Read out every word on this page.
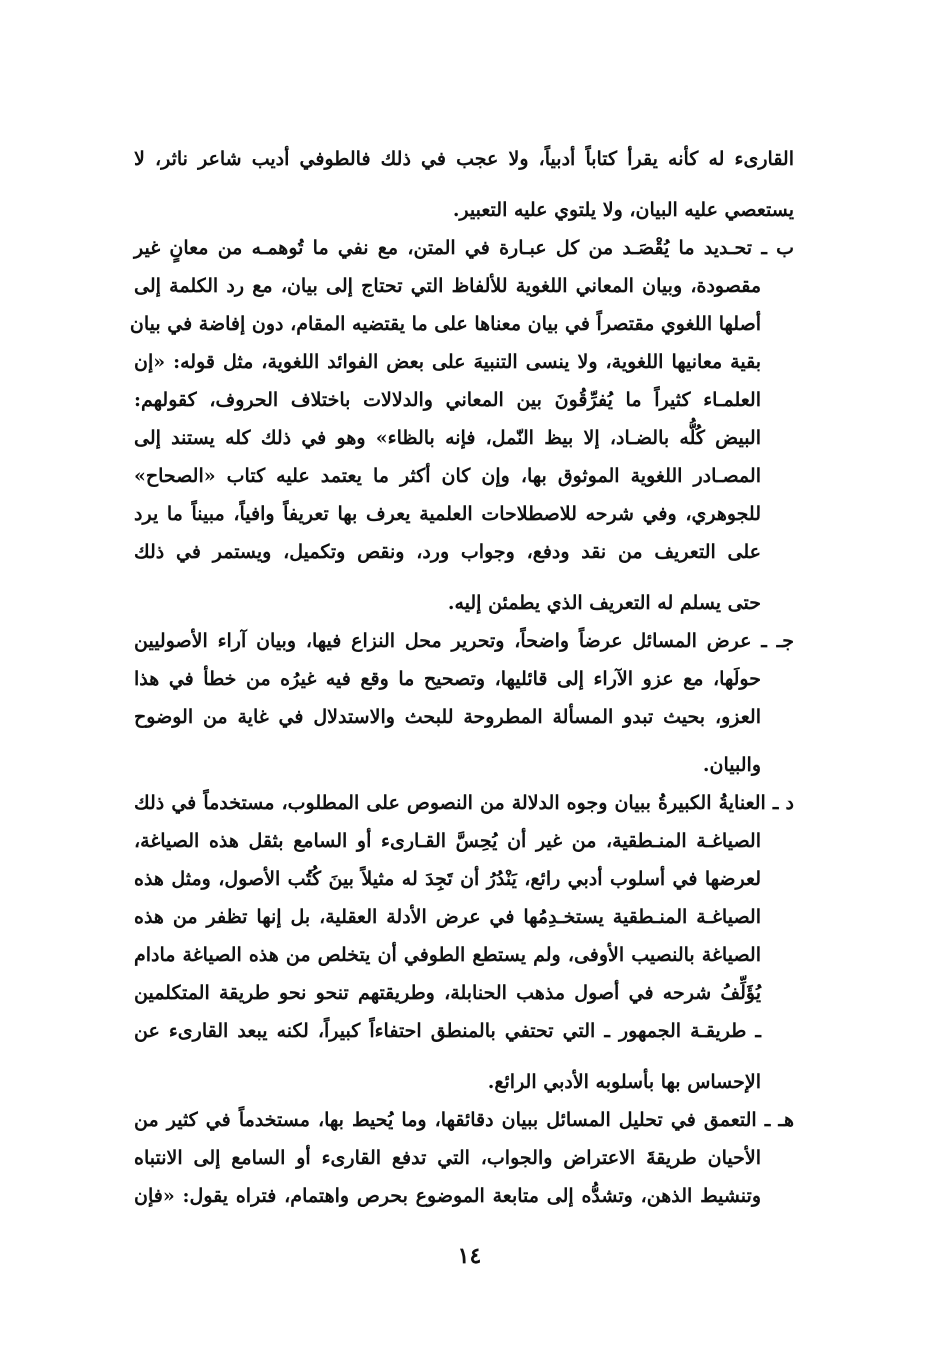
القارىء له كأنه يقرأ كتاباً أدبياً، ولا عجب في ذلك فالطوفي أديب شاعر ناثر، لا
يستعصي عليه البيان، ولا يلتوي عليه التعبير.
ب ـ تحـديد ما يُقْصَـد من كل عبـارة في المتن، مع نفي ما تُوهمـه من معانٍ غير
مقصودة، وبيان المعاني اللغوية للألفاظ التي تحتاج إلى بيان، مع رد الكلمة إلى
أصلها اللغوي مقتصراً في بيان معناها على ما يقتضيه المقام، دون إفاضة في بيان
بقية معانيها اللغوية، ولا ينسى التنبيهَ على بعض الفوائد اللغوية، مثل قوله: «إن
العلمـاء كثيراً ما يُفرِّقُونَ بين المعاني والدلالات باختلاف الحروف، كقولهم:
البيض كُلُّه بالضـاد، إلا بيظ النّمل، فإنه بالظاء» وهو في ذلك كله يستند إلى
المصـادر اللغوية الموثوق بها، وإن كان أكثر ما يعتمد عليه كتاب «الصحاح»
للجوهري، وفي شرحه للاصطلاحات العلمية يعرف بها تعريفاً وافياً، مبيناً ما يرد
على التعريف من نقد ودفع، وجواب ورد، ونقص وتكميل، ويستمر في ذلك
حتى يسلم له التعريف الذي يطمئن إليه.
جـ ـ عرض المسائل عرضاً واضحاً، وتحرير محل النزاع فيها، وبيان آراء الأصوليين
حولَها، مع عزو الآراء إلى قائليها، وتصحيح ما وقع فيه غيرُه من خطأ في هذا
العزو، بحيث تبدو المسألة المطروحة للبحث والاستدلال في غاية من الوضوح
والبيان.
د ـ العنايةُ الكبيرةُ ببيان وجوه الدلالة من النصوص على المطلوب، مستخدماً في ذلك
الصياغـة المنـطقية، من غير أن يُحِسَّ القـارىء أو السامع بثقل هذه الصياغة،
لعرضها في أسلوب أدبي رائع، يَنْدُرُ أن تَجِدَ له مثيلاً بينَ كُتُب الأصول، ومثل هذه
الصياغـة المنـطقية يستخـدِمُها في عرض الأدلة العقلية، بل إنها تظفر من هذه
الصياغة بالنصيب الأوفى، ولم يستطع الطوفي أن يتخلص من هذه الصياغة مادام
يُؤَلِّفُ شرحه في أصول مذهب الحنابلة، وطريقتهم تنحو نحو طريقة المتكلمين
ـ طريقـة الجمهور ـ التي تحتفي بالمنطق احتفاءاً كبيراً، لكنه يبعد القارىء عن
الإحساس بها بأسلوبه الأدبي الرائع.
هـ ـ التعمق في تحليل المسائل ببيان دقائقها، وما يُحيط بها، مستخدماً في كثير من
الأحيان طريقةَ الاعتراض والجواب، التي تدفع القارىء أو السامع إلى الانتباه
وتنشيط الذهن، وتشدُّه إلى متابعة الموضوع بحرص واهتمام، فتراه يقول: «فإن
١٤
